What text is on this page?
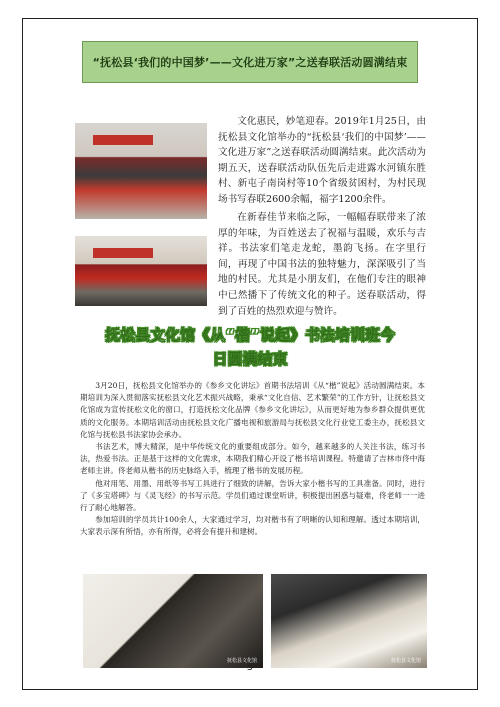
“抚松县‘我们的中国梦’——文化进万家”之送春联活动圆满结束

文化惠民，妙笔迎春。2019年1月25日，由抚松县文化馆举办的“抚松县‘我们的中国梦’——文化进万家”之送春联活动圆满结束。此次活动为期五天，送春联活动队伍先后走进露水河镇东胜村、新屯子南岗村等10个省级贫困村，为村民现场书写春联2600余幅，福字1200余件。

在新春佳节来临之际，一幅幅春联带来了浓厚的年味，为百姓送去了祝福与温暖，欢乐与吉祥。书法家们笔走龙蛇，墨韵飞扬。在字里行间，再现了中国书法的独特魅力，深深吸引了当地的村民。尤其是小朋友们，在他们专注的眼神中已然播下了传统文化的种子。送春联活动，得到了百姓的热烈欢迎与赞许。

抚松县文化馆《从“楷”说起》书法培训班今
日圆满结束

3月20日，抚松县文化馆举办的《参乡文化讲坛》首期书法培训《从“楷”说起》活动圆满结束。本期培训为深入贯彻落实抚松县文化艺术振兴战略，秉承“文化自信、艺术繁荣”的工作方针，让抚松县文化馆成为宣传抚松文化的窗口，打造抚松文化品牌《参乡文化讲坛》，从而更好地为参乡群众提供更优质的文化服务。本期培训活动由抚松县文化广播电视和旅游局与抚松县文化行业党工委主办，抚松县文化馆与抚松县书法家协会承办。

书法艺术，博大精深，是中华传统文化的重要组成部分。如今，越来越多的人关注书法，练习书法，热爱书法。正是基于这样的文化需求，本期我们精心开设了楷书培训课程。特邀请了吉林市佟中海老师主讲。佟老师从楷书的历史脉络入手，梳理了楷书的发展历程。

他对用笔、用墨、用纸等书写工具进行了细致的讲解，告诉大家小楷书写的工具准备。同时，进行了《多宝塔碑》与《灵飞经》的书写示范。学员们通过课堂听讲，积极提出困惑与疑难，佟老师一一进行了耐心地解答。

参加培训的学员共计100余人，大家通过学习，均对楷书有了明晰的认知和理解。透过本期培训，大家表示深有所悟，亦有所得，必将会有提升和建树。

抚松县文化馆	抚松县文化馆
5
